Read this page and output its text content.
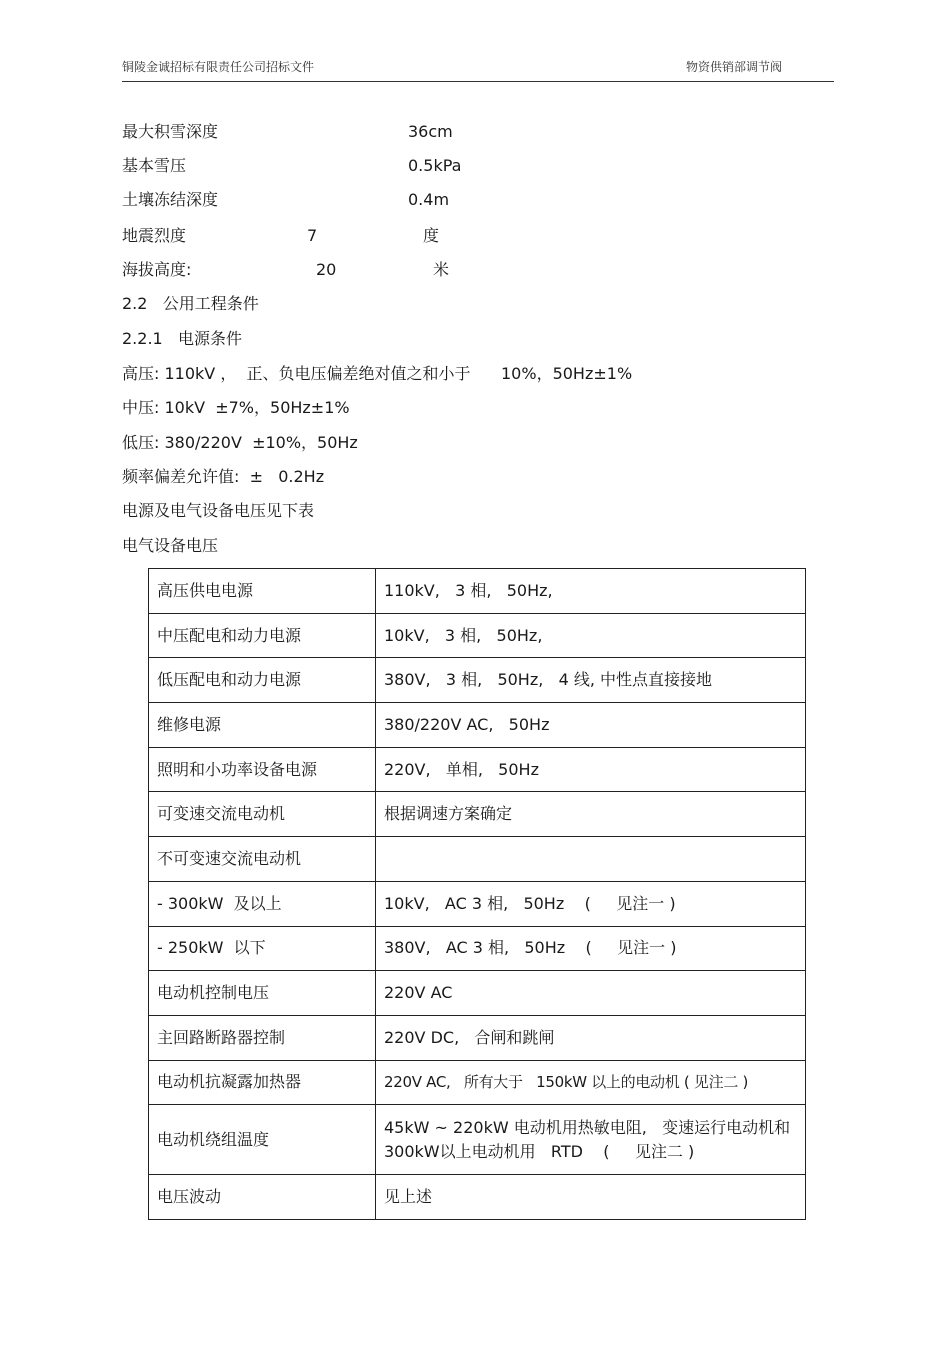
铜陵金诚招标有限责任公司招标文件	物资供销部调节阀
最大积雪深度	36cm
基本雪压	0.5kPa
土壤冻结深度	0.4m
地震烈度	7	度
海拔高度:	20	米
2.2   公用工程条件
2.2.1   电源条件
高压: 110kV ，  正、负电压偏差绝对值之和小于      10%，50Hz±1%
中压: 10kV  ±7%，50Hz±1%
低压: 380/220V  ±10%，50Hz
频率偏差允许值:  ±   0.2Hz
电源及电气设备电压见下表
电气设备电压
高压供电电源	110kV,   3 相,   50Hz,
中压配电和动力电源	10kV,   3 相,   50Hz,
低压配电和动力电源	380V,   3 相,   50Hz,   4 线, 中性点直接接地
维修电源	380/220V AC,   50Hz
照明和小功率设备电源	220V,   单相,   50Hz
可变速交流电动机	根据调速方案确定
不可变速交流电动机	
- 300kW  及以上	10kV,   AC 3 相,   50Hz    (     见注一 )
- 250kW  以下	380V,   AC 3 相,   50Hz    (     见注一 )
电动机控制电压	220V AC
主回路断路器控制	220V DC,   合闸和跳闸
电动机抗凝露加热器	220V AC,   所有大于   150kW 以上的电动机 ( 见注二 )
电动机绕组温度	45kW ~ 220kW 电动机用热敏电阻,   变速运行电动机和  300kW以上电动机用   RTD    (     见注二 )
电压波动	见上述
